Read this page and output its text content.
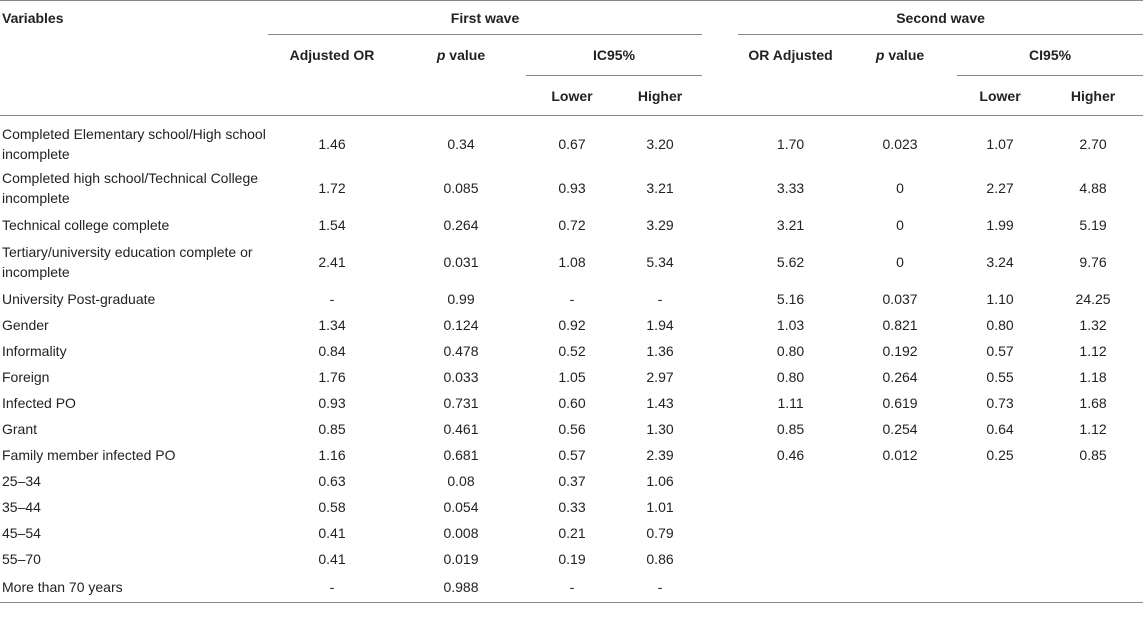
Variables	First wave					Second wave			
	Adjusted OR	p value	IC95%			OR Adjusted	p value	CI95%	
			Lower	Higher				Lower	Higher
Completed Elementary school/High school incomplete	1.46	0.34	0.67	3.20		1.70	0.023	1.07	2.70
Completed high school/Technical College incomplete	1.72	0.085	0.93	3.21		3.33	0	2.27	4.88
Technical college complete	1.54	0.264	0.72	3.29		3.21	0	1.99	5.19
Tertiary/university education complete or incomplete	2.41	0.031	1.08	5.34		5.62	0	3.24	9.76
University Post-graduate	-	0.99	-	-		5.16	0.037	1.10	24.25
Gender	1.34	0.124	0.92	1.94		1.03	0.821	0.80	1.32
Informality	0.84	0.478	0.52	1.36		0.80	0.192	0.57	1.12
Foreign	1.76	0.033	1.05	2.97		0.80	0.264	0.55	1.18
Infected PO	0.93	0.731	0.60	1.43		1.11	0.619	0.73	1.68
Grant	0.85	0.461	0.56	1.30		0.85	0.254	0.64	1.12
Family member infected PO	1.16	0.681	0.57	2.39		0.46	0.012	0.25	0.85
25–34	0.63	0.08	0.37	1.06					
35–44	0.58	0.054	0.33	1.01					
45–54	0.41	0.008	0.21	0.79					
55–70	0.41	0.019	0.19	0.86					
More than 70 years	-	0.988	-	-					
